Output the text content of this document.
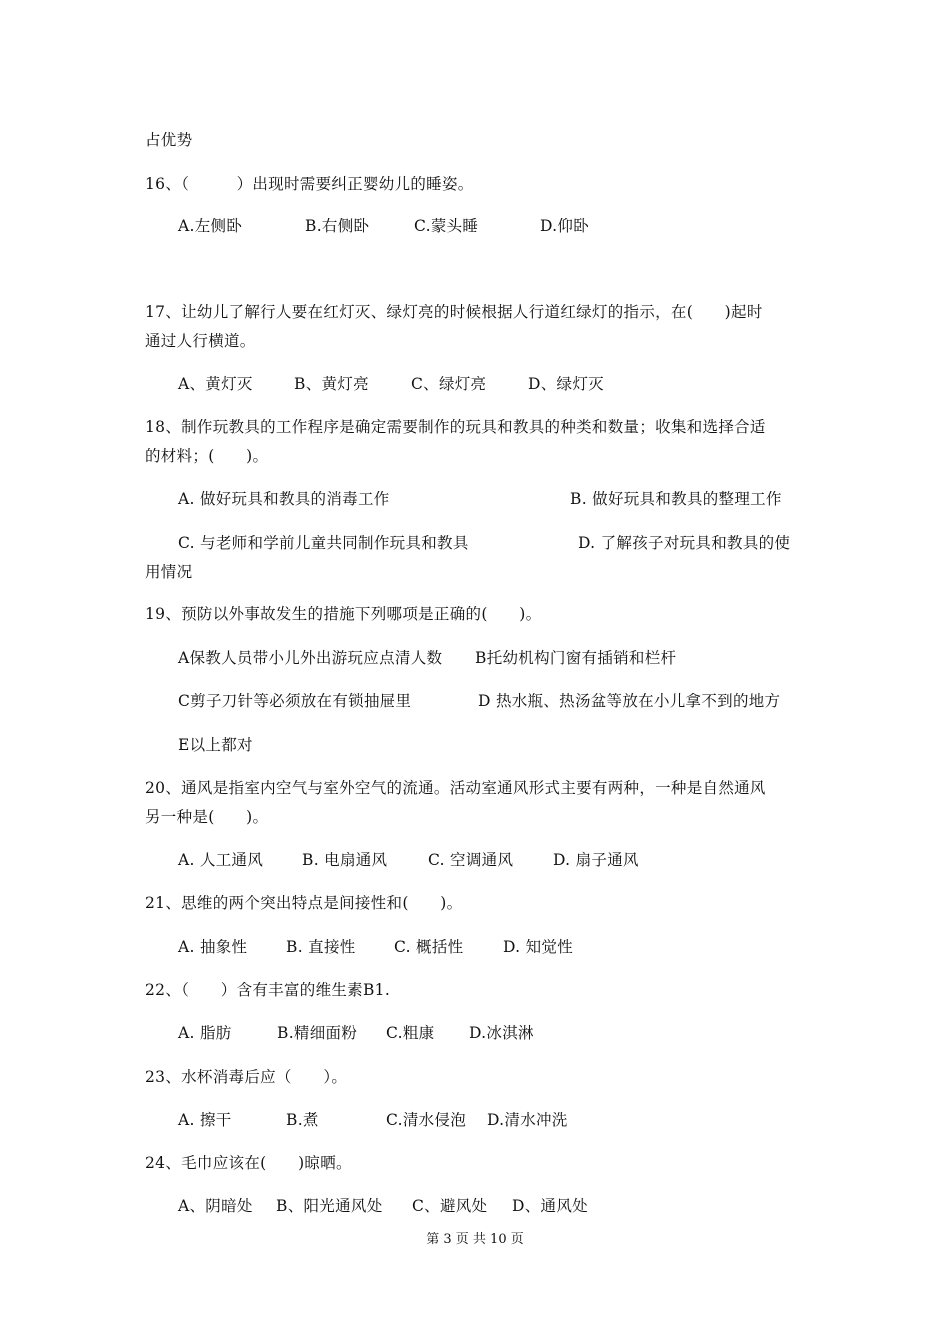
占优势
16、（　　　）出现时需要纠正婴幼儿的睡姿。
A.左侧卧	B.右侧卧	C.蒙头睡	D.仰卧
17、让幼儿了解行人要在红灯灭、绿灯亮的时候根据人行道红绿灯的指示，在(　　)起时
通过人行横道。
A、黄灯灭	B、黄灯亮	C、绿灯亮	D、绿灯灭
18、制作玩教具的工作程序是确定需要制作的玩具和教具的种类和数量；收集和选择合适
的材料；(　　)。
A. 做好玩具和教具的消毒工作	B. 做好玩具和教具的整理工作
C. 与老师和学前儿童共同制作玩具和教具	D. 了解孩子对玩具和教具的使
用情况
19、预防以外事故发生的措施下列哪项是正确的(　　)。
A保教人员带小儿外出游玩应点清人数 B托幼机构门窗有插销和栏杆
C剪子刀针等必须放在有锁抽屉里	D 热水瓶、热汤盆等放在小儿拿不到的地方
E以上都对
20、通风是指室内空气与室外空气的流通。活动室通风形式主要有两种，一种是自然通风
另一种是(　　)。
A. 人工通风	B. 电扇通风	C. 空调通风	D. 扇子通风
21、思维的两个突出特点是间接性和(　　)。
A. 抽象性 B. 直接性 C. 概括性	D. 知觉性
22、（　　）含有丰富的维生素B1.
A. 脂肪	B.精细面粉 C.粗康 D.冰淇淋
23、水杯消毒后应（　　）。
A. 擦干	B.煮	C.清水侵泡 D.清水冲洗
24、毛巾应该在(　　)晾晒。
A、阴暗处 B、阳光通风处 C、避风处 D、通风处
第 3 页 共 10 页
